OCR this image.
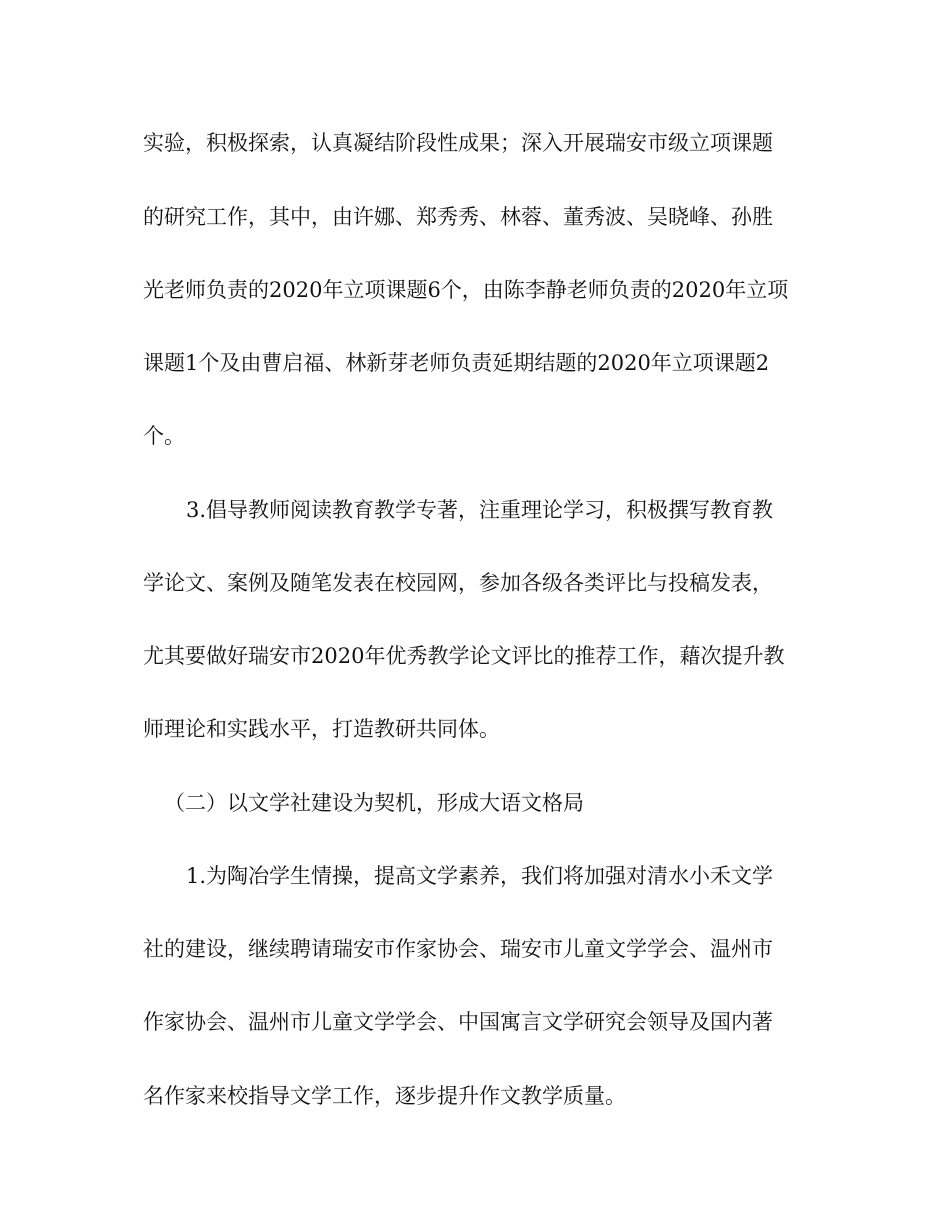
实验，积极探索，认真凝结阶段性成果；深入开展瑞安市级立项课题
的研究工作，其中，由许娜、郑秀秀、林蓉、董秀波、吴晓峰、孙胜
光老师负责的2020年立项课题6个，由陈李静老师负责的2020年立项
课题1个及由曹启福、林新芽老师负责延期结题的2020年立项课题2
个。
3.倡导教师阅读教育教学专著，注重理论学习，积极撰写教育教
学论文、案例及随笔发表在校园网，参加各级各类评比与投稿发表，
尤其要做好瑞安市2020年优秀教学论文评比的推荐工作，藉次提升教
师理论和实践水平，打造教研共同体。
（二）以文学社建设为契机，形成大语文格局
1.为陶冶学生情操，提高文学素养，我们将加强对清水小禾文学
社的建设，继续聘请瑞安市作家协会、瑞安市儿童文学学会、温州市
作家协会、温州市儿童文学学会、中国寓言文学研究会领导及国内著
名作家来校指导文学工作，逐步提升作文教学质量。
